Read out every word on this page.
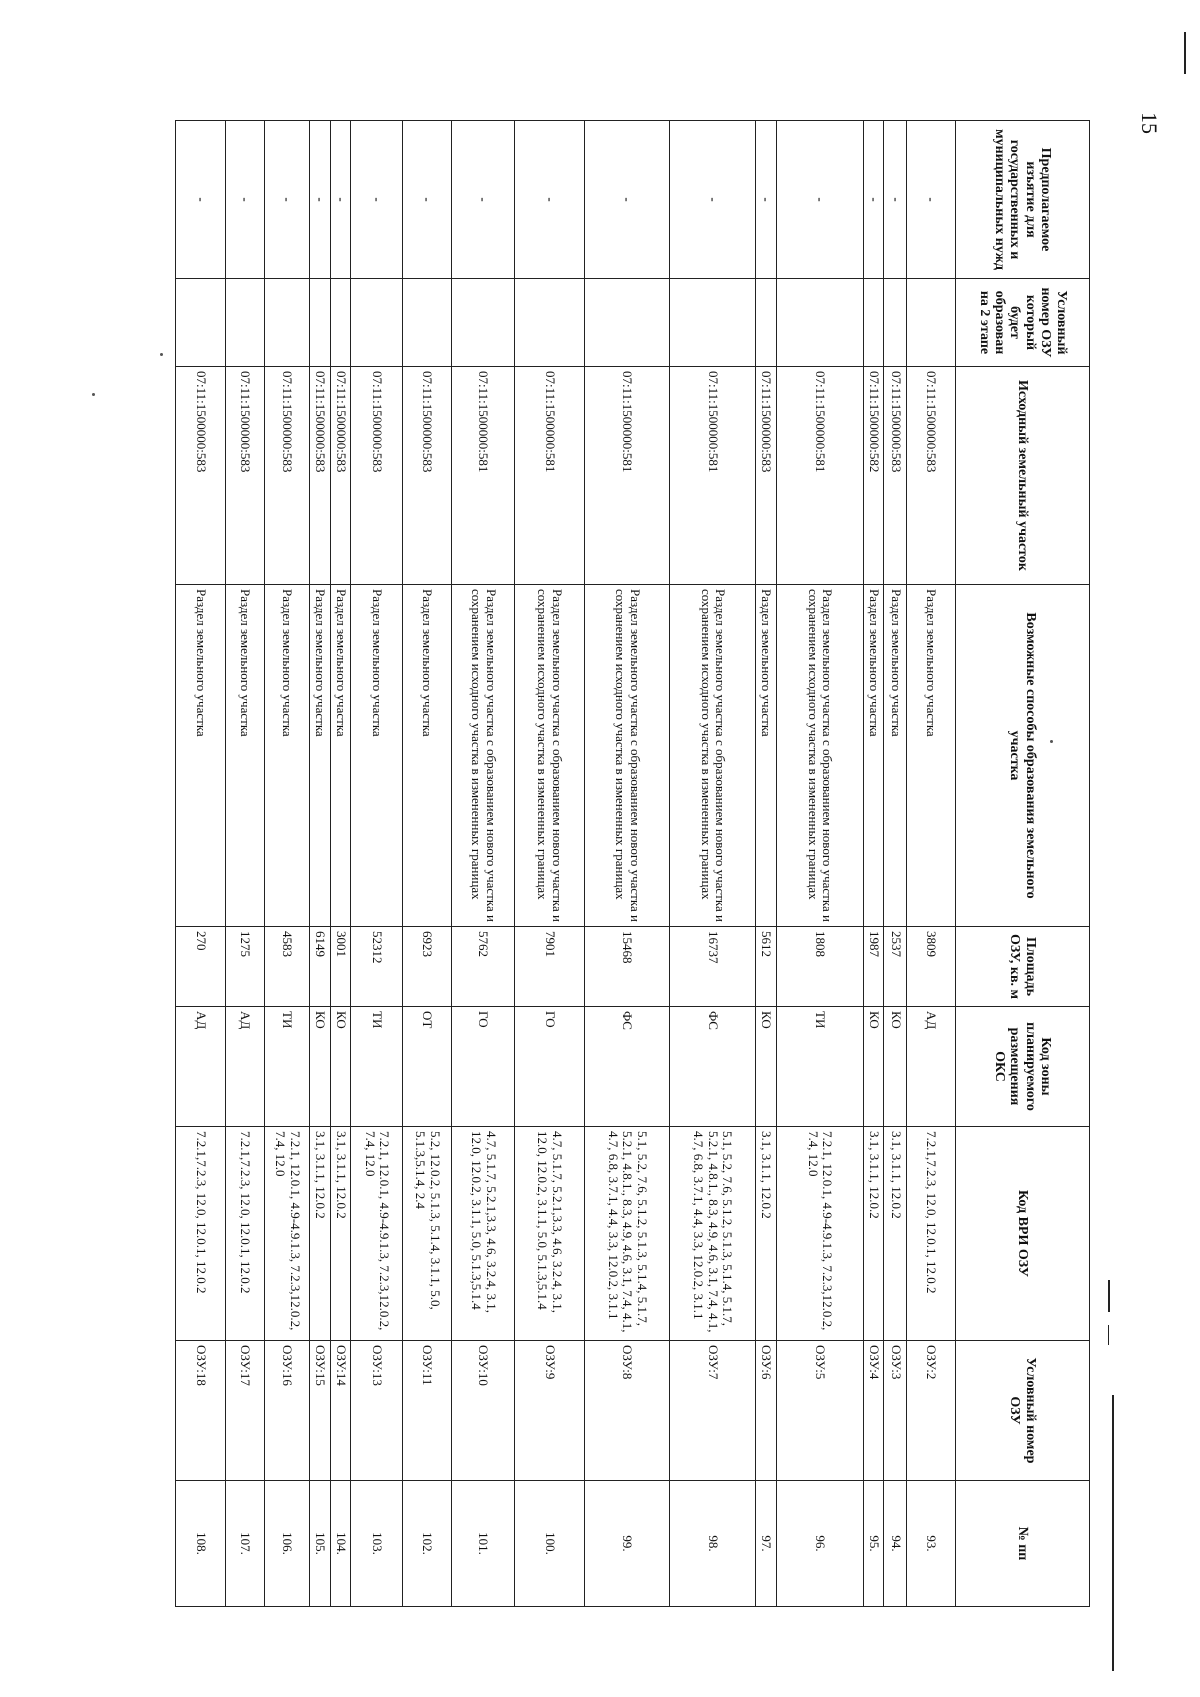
15
Предполагаемое изъятие для государственных и муниципальных нужд	Условный номер ОЗУ который будет образован на 2 этапе	Исходный земельный участок	Возможные способы образования земельного участка	Площадь ОЗУ, кв. м	Код зоны планируемого размещения ОКС	Код ВРИ ОЗУ	Условный номер ОЗУ	№ пп
-		07:11:1500000:583	Раздел земельного участка	3809	АД	7.2.1,7.2.3, 12.0, 12.0.1, 12.0.2	ОЗУ:2	93.
-		07:11:1500000:583	Раздел земельного участка	2537	КО	3.1, 3.1.1, 12.0.2	ОЗУ:3	94.
-		07:11:1500000:582	Раздел земельного участка	1987	КО	3.1, 3.1.1, 12.0.2	ОЗУ:4	95.
-		07:11:1500000:581	Раздел земельного участка с образованием нового участка и сохранением исходного участка в измененных границах	1808	ТИ	7.2.1, 12.0.1, 4.9-4.9.1.3, 7.2.3,12.0.2, 7.4, 12.0	ОЗУ:5	96.
-		07:11:1500000:583	Раздел земельного участка	5612	КО	3.1, 3.1.1, 12.0.2	ОЗУ:6	97.
-		07:11:1500000:581	Раздел земельного участка с образованием нового участка и сохранением исходного участка в измененных границах	16737	ФС	5.1, 5.2, 7.6, 5.1.2, 5.1.3, 5.1.4, 5.1.7, 5.2.1, 4.8.1., 8.3, 4.9, 4.6, 3.1, 7.4, 4.1, 4.7, 6.8, 3.7.1, 4.4, 3.3, 12.0.2, 3.1.1	ОЗУ:7	98.
-		07:11:1500000:581	Раздел земельного участка с образованием нового участка и сохранением исходного участка в измененных границах	15468	ФС	5.1, 5.2, 7.6, 5.1.2, 5.1.3, 5.1.4, 5.1.7, 5.2.1, 4.8.1., 8.3, 4.9, 4.6, 3.1, 7.4, 4.1, 4.7, 6.8, 3.7.1, 4.4, 3.3, 12.0.2, 3.1.1	ОЗУ:8	99.
-		07:11:1500000:581	Раздел земельного участка с образованием нового участка и сохранением исходного участка в измененных границах	7901	ГО	4.7, 5.1.7, 5.2.1,3.3, 4.6, 3.2.4, 3.1, 12.0, 12.0.2, 3.1.1, 5.0, 5.1.3,5.1.4	ОЗУ:9	100.
-		07:11:1500000:581	Раздел земельного участка с образованием нового участка и сохранением исходного участка в измененных границах	5762	ГО	4.7, 5.1.7, 5.2.1,3.3, 4.6, 3.2.4, 3.1, 12.0, 12.0.2, 3.1.1, 5.0, 5.1.3,5.1.4	ОЗУ:10	101.
-		07:11:1500000:583	Раздел земельного участка	6923	ОТ	5.2, 12.0.2, 5.1.3, 5.1.4, 3.1.1, 5.0, 5.1.3,5.1.4, 2.4	ОЗУ:11	102.
-		07:11:1500000:583	Раздел земельного участка	52312	ТИ	7.2.1, 12.0.1, 4.9-4.9.1.3, 7.2.3,12.0.2, 7.4, 12.0	ОЗУ:13	103.
-		07:11:1500000:583	Раздел земельного участка	3001	КО	3.1, 3.1.1, 12.0.2	ОЗУ:14	104.
-		07:11:1500000:583	Раздел земельного участка	6149	КО	3.1, 3.1.1, 12.0.2	ОЗУ:15	105.
-		07:11:1500000:583	Раздел земельного участка	4583	ТИ	7.2.1, 12.0.1, 4.9-4.9.1.3, 7.2.3,12.0.2, 7.4, 12.0	ОЗУ:16	106.
-		07:11:1500000:583	Раздел земельного участка	1275	АД	7.2.1,7.2.3, 12.0, 12.0.1, 12.0.2	ОЗУ:17	107.
-		07:11:1500000:583	Раздел земельного участка	270	АД	7.2.1,7.2.3, 12.0, 12.0.1, 12.0.2	ОЗУ:18	108.
